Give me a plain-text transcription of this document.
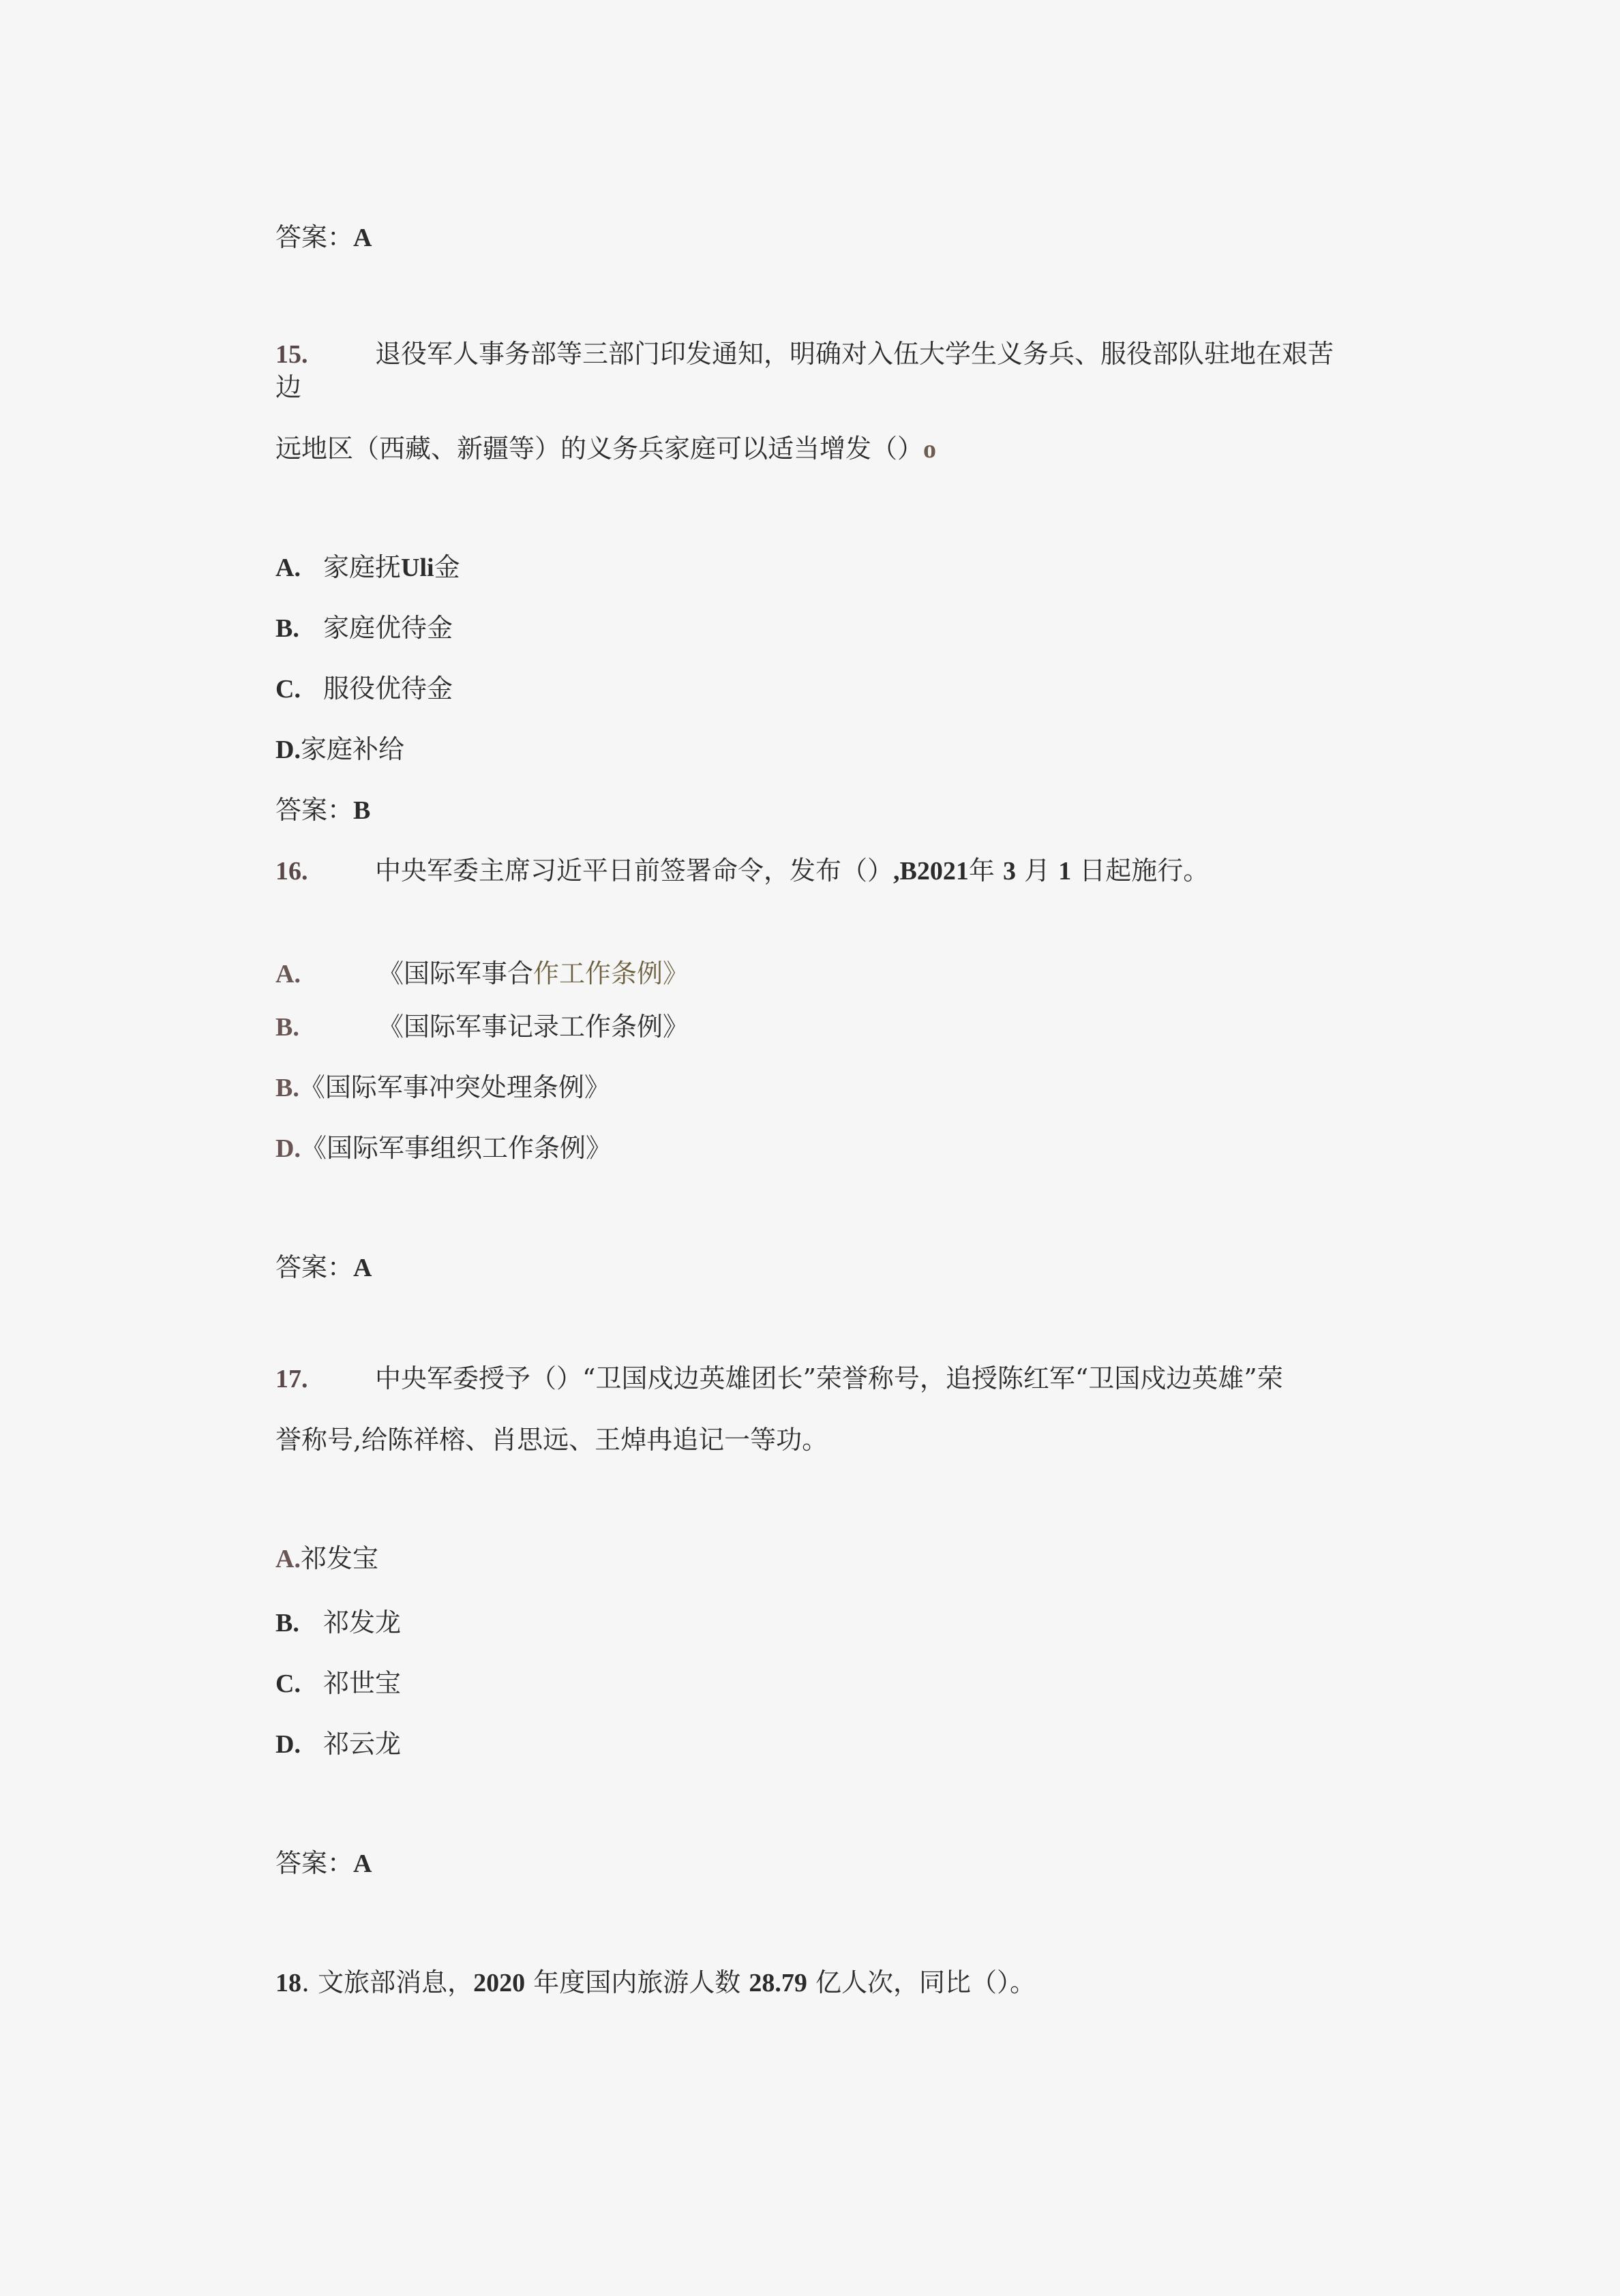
答案：A
15.	退役军人事务部等三部门印发通知，明确对入伍大学生义务兵、服役部队驻地在艰苦
边
远地区（西藏、新疆等）的义务兵家庭可以适当增发（）o
A. 家庭抚Uli金
B. 家庭优待金
C. 服役优待金
D.家庭补给
答案：B
16.	中央军委主席习近平日前签署命令，发布（）,B2021年 3 月 1 日起施行。
A.	《国际军事合作工作条例》
B.	《国际军事记录工作条例》
B.《国际军事冲突处理条例》
D.《国际军事组织工作条例》
答案：A
17.	中央军委授予（）“卫国戍边英雄团长”荣誉称号，追授陈红军“卫国戍边英雄”荣
誉称号,给陈祥榕、肖思远、王焯冉追记一等功。
A.祁发宝
B. 祁发龙
C. 祁世宝
D. 祁云龙
答案：A
18. 文旅部消息，2020 年度国内旅游人数 28.79 亿人次，同比（）。
